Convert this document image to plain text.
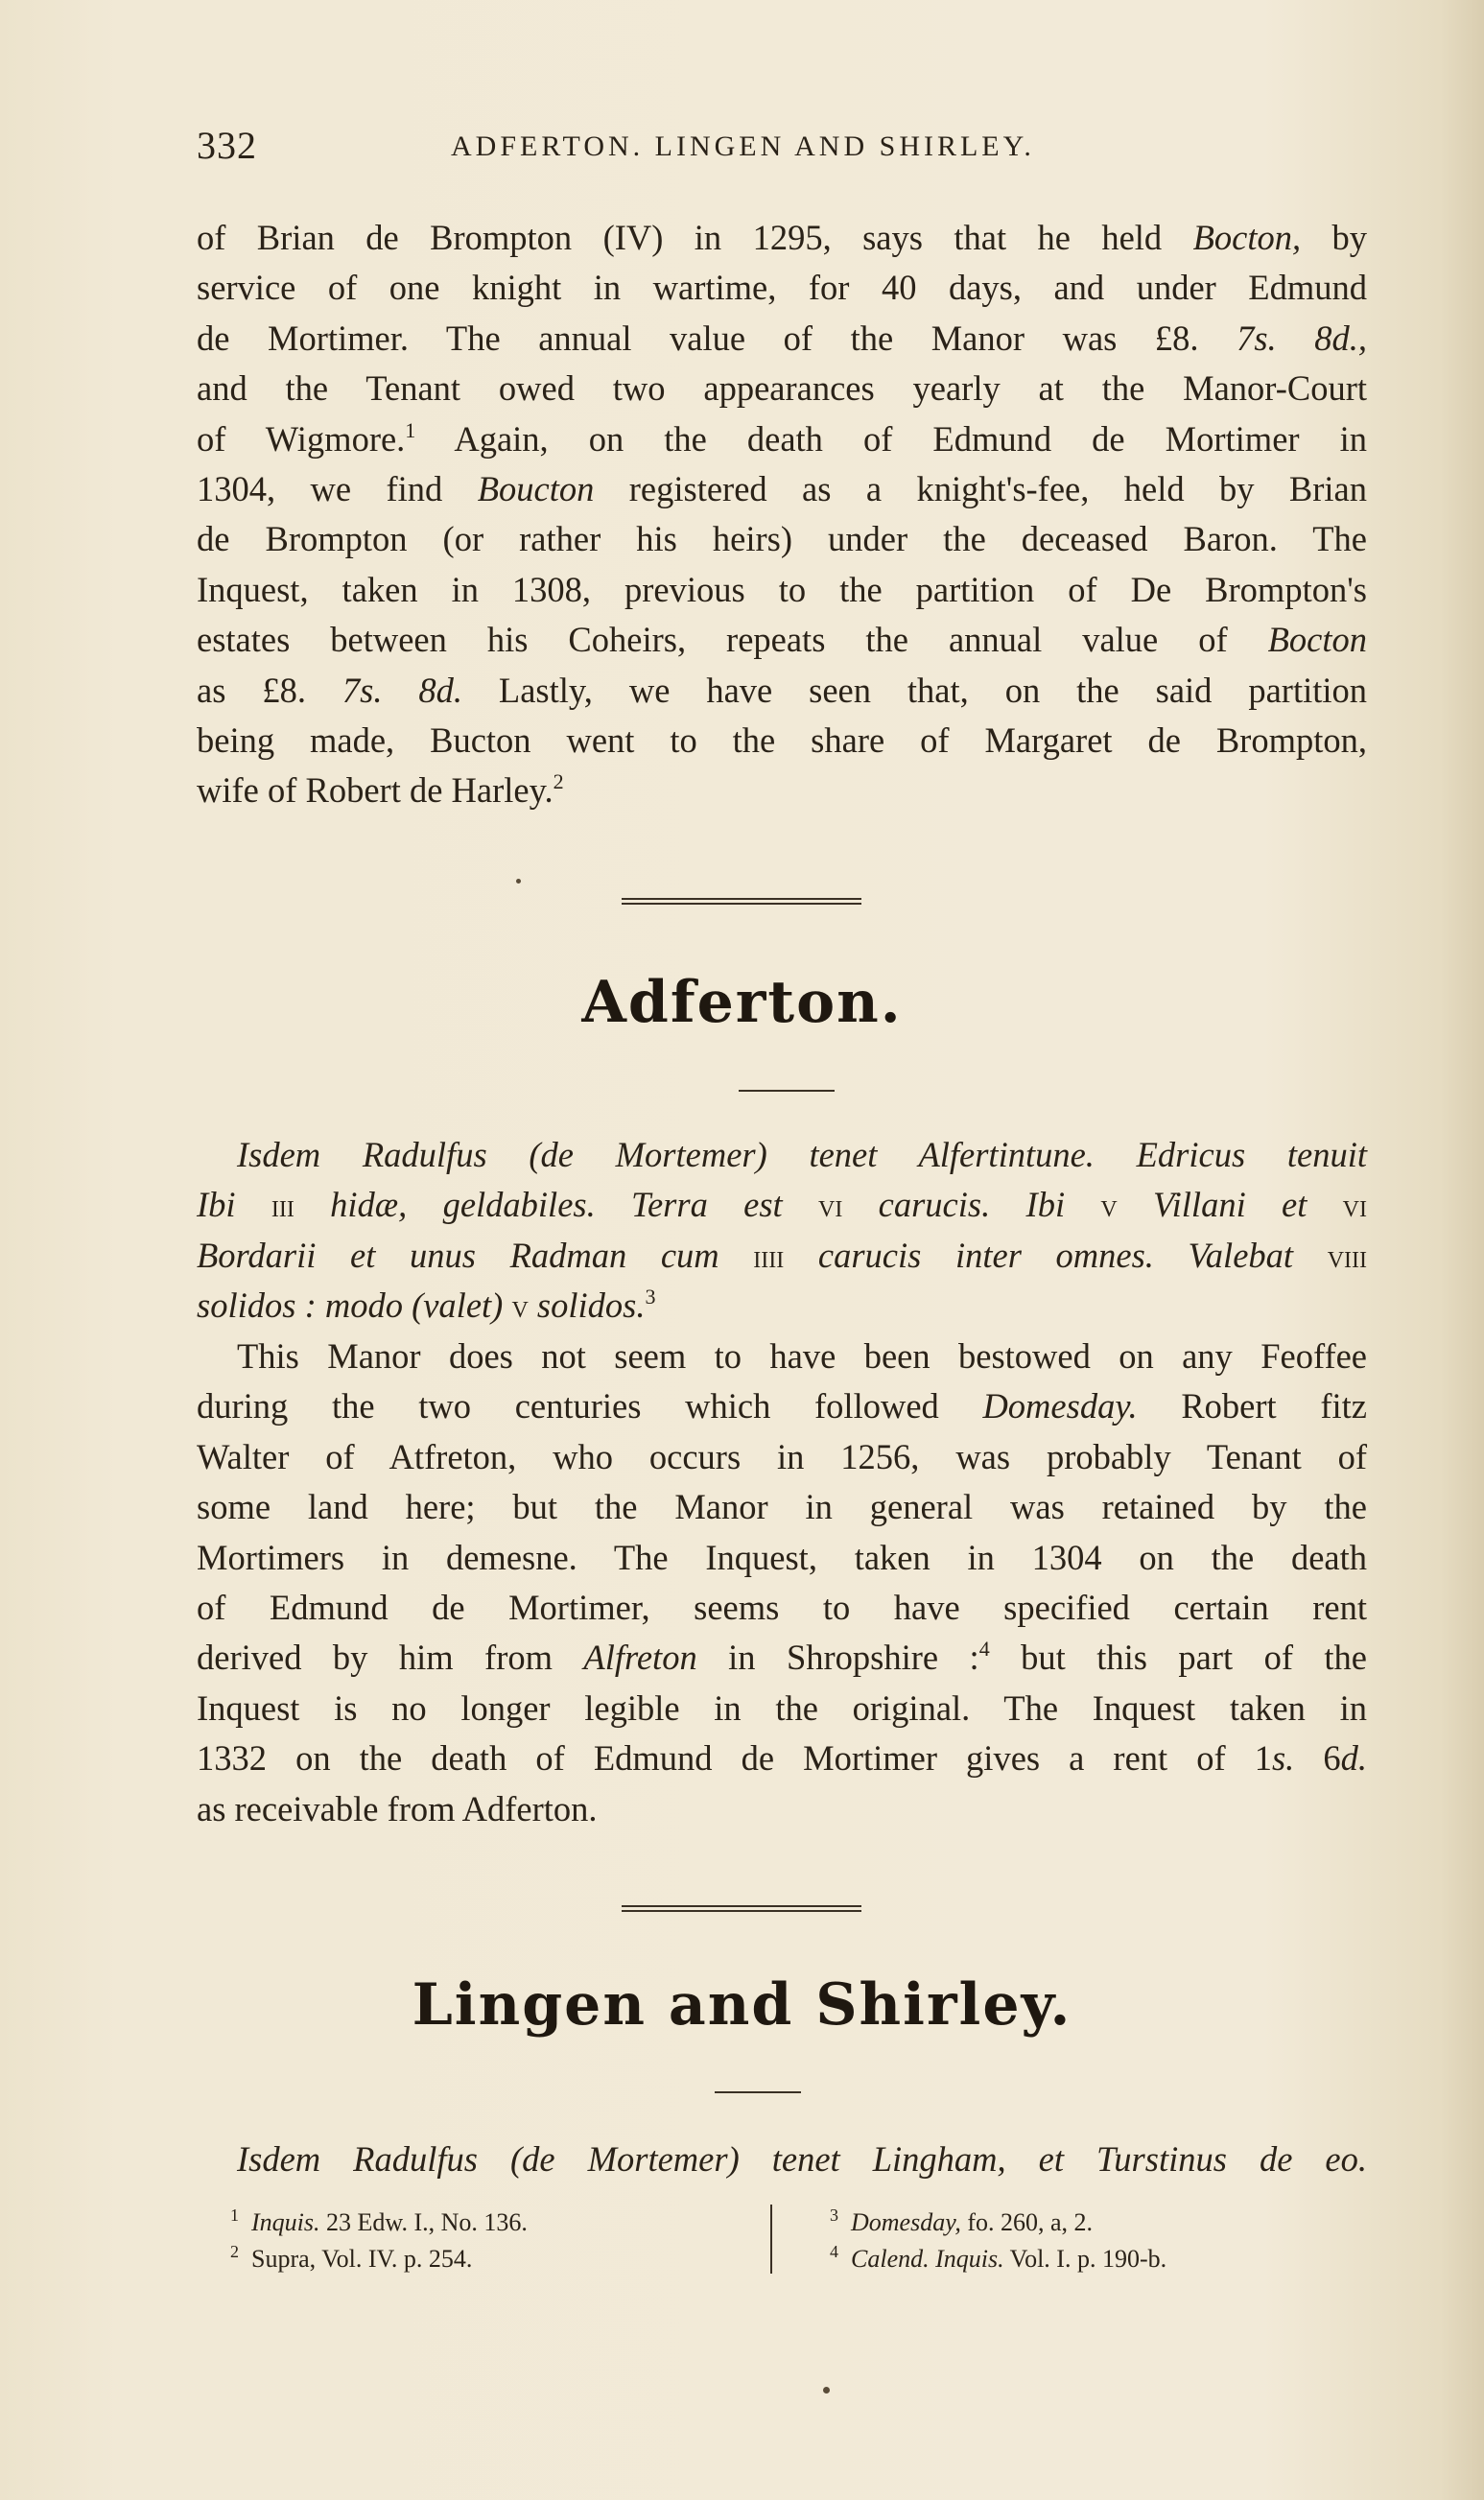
332	ADFERTON. LINGEN AND SHIRLEY.
of Brian de Brompton (IV) in 1295, says that he held Bocton, by
service of one knight in wartime, for 40 days, and under Edmund
de Mortimer. The annual value of the Manor was £8. 7s. 8d.,
and the Tenant owed two appearances yearly at the Manor-Court
of Wigmore.$^1$ Again, on the death of Edmund de Mortimer in
1304, we find Boucton registered as a knight's-fee, held by Brian
de Brompton (or rather his heirs) under the deceased Baron. The
Inquest, taken in 1308, previous to the partition of De Brompton's
estates between his Coheirs, repeats the annual value of Bocton
as £8. 7s. 8d. Lastly, we have seen that, on the said partition
being made, Bucton went to the share of Margaret de Brompton,
wife of Robert de Harley.$^2$
Adferton.
Isdem Radulfus (de Mortemer) tenet Alfertintune. Edricus tenuit
Ibi iii hidæ, geldabiles. Terra est vi carucis. Ibi v Villani et vi
Bordarii et unus Radman cum iiii carucis inter omnes. Valebat viii
solidos : modo (valet) v solidos.$^3$
This Manor does not seem to have been bestowed on any Feoffee
during the two centuries which followed Domesday. Robert fitz
Walter of Atfreton, who occurs in 1256, was probably Tenant of
some land here; but the Manor in general was retained by the
Mortimers in demesne. The Inquest, taken in 1304 on the death
of Edmund de Mortimer, seems to have specified certain rent
derived by him from Alfreton in Shropshire :$^4$ but this part of the
Inquest is no longer legible in the original. The Inquest taken in
1332 on the death of Edmund de Mortimer gives a rent of 1s. 6d.
as receivable from Adferton.
Lingen and Shirley.
Isdem Radulfus (de Mortemer) tenet Lingham, et Turstinus de eo.
1 Inquis. 23 Edw. I., No. 136.
2 Supra, Vol. IV. p. 254.
3 Domesday, fo. 260, a, 2.
4 Calend. Inquis. Vol. I. p. 190-b.
